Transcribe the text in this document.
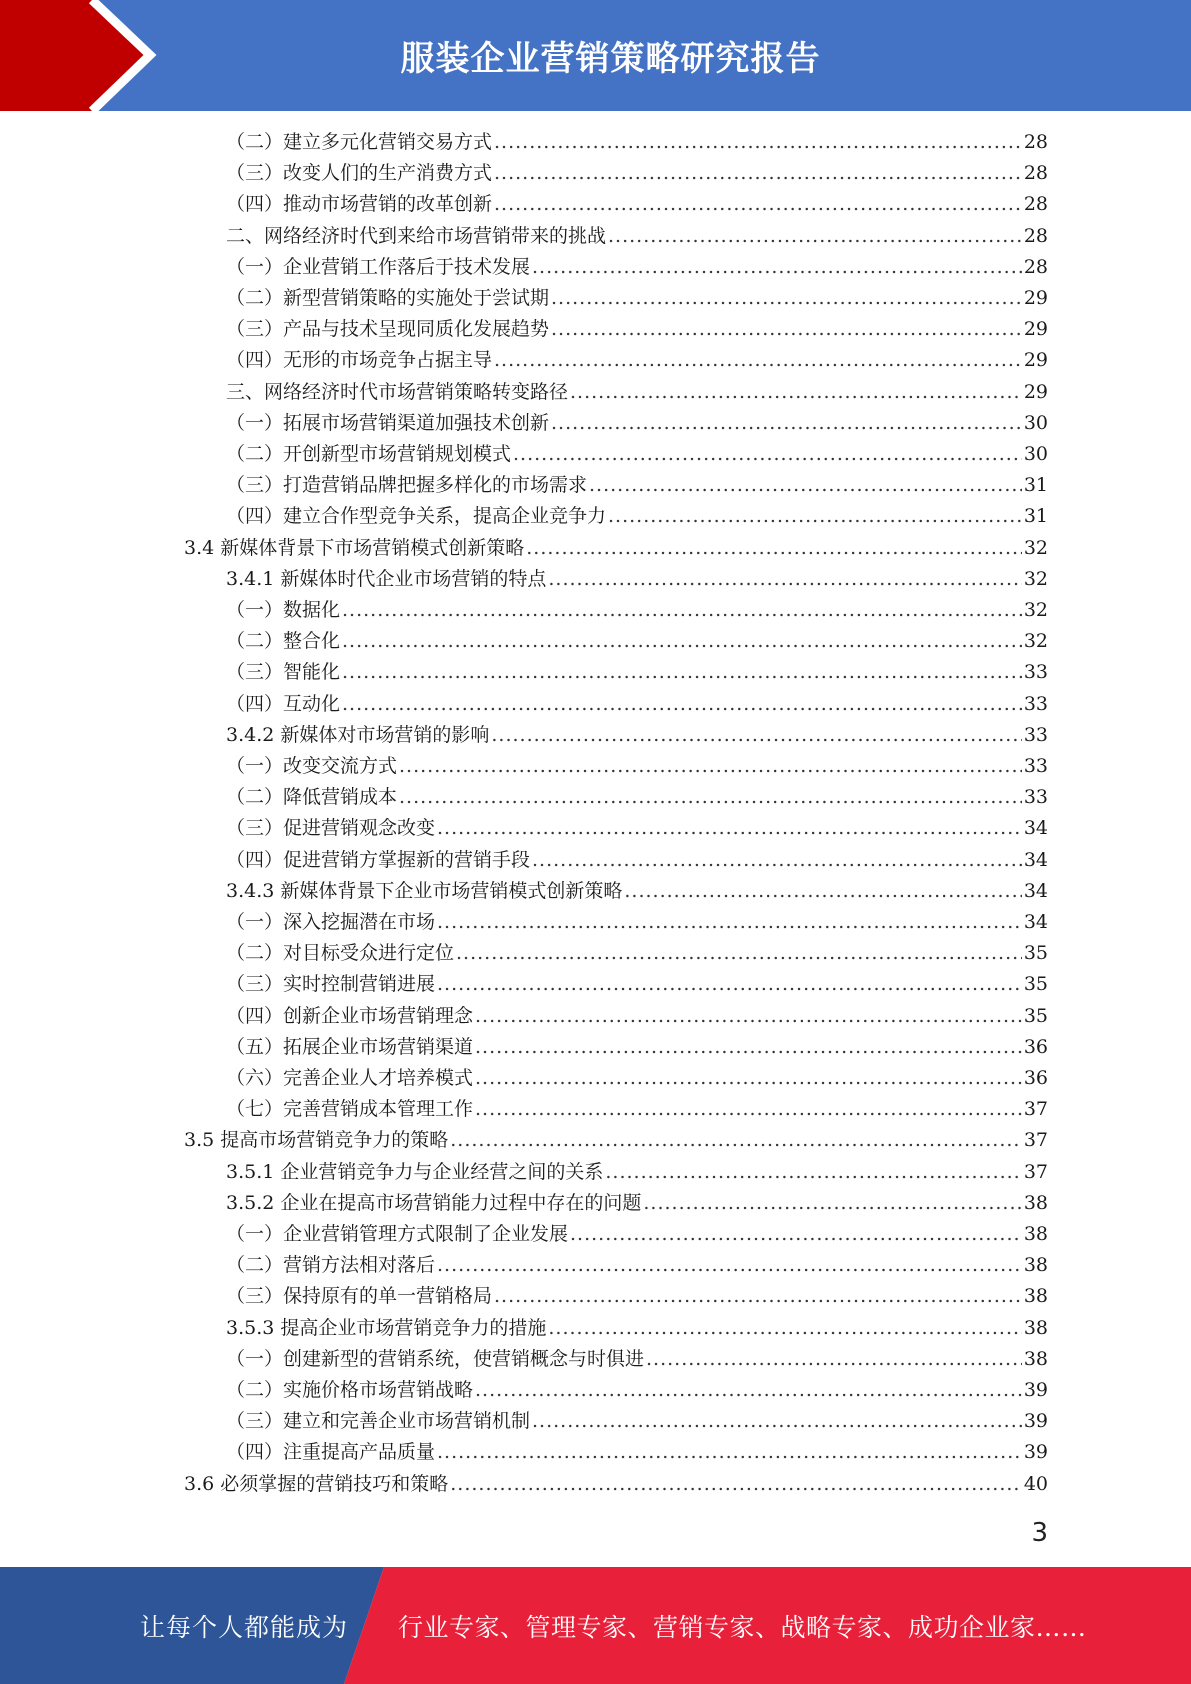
服装企业营销策略研究报告
（二）建立多元化营销交易方式 .....	28
（三）改变人们的生产消费方式 .....	28
（四）推动市场营销的改革创新 .....	28
二、网络经济时代到来给市场营销带来的挑战 .....	28
（一）企业营销工作落后于技术发展 .....	28
（二）新型营销策略的实施处于尝试期 .....	29
（三）产品与技术呈现同质化发展趋势 .....	29
（四）无形的市场竞争占据主导 .....	29
三、网络经济时代市场营销策略转变路径 .....	29
（一）拓展市场营销渠道加强技术创新 .....	30
（二）开创新型市场营销规划模式 .....	30
（三）打造营销品牌把握多样化的市场需求 .....	31
（四）建立合作型竞争关系，提高企业竞争力 .....	31
3.4 新媒体背景下市场营销模式创新策略 .....	32
3.4.1 新媒体时代企业市场营销的特点 .....	32
（一）数据化 .....	32
（二）整合化 .....	32
（三）智能化 .....	33
（四）互动化 .....	33
3.4.2 新媒体对市场营销的影响 .....	33
（一）改变交流方式 .....	33
（二）降低营销成本 .....	33
（三）促进营销观念改变 .....	34
（四）促进营销方掌握新的营销手段 .....	34
3.4.3 新媒体背景下企业市场营销模式创新策略 .....	34
（一）深入挖掘潜在市场 .....	34
（二）对目标受众进行定位 .....	35
（三）实时控制营销进展 .....	35
（四）创新企业市场营销理念 .....	35
（五）拓展企业市场营销渠道 .....	36
（六）完善企业人才培养模式 .....	36
（七）完善营销成本管理工作 .....	37
3.5 提高市场营销竞争力的策略 .....	37
3.5.1 企业营销竞争力与企业经营之间的关系 .....	37
3.5.2 企业在提高市场营销能力过程中存在的问题 .....	38
（一）企业营销管理方式限制了企业发展 .....	38
（二）营销方法相对落后 .....	38
（三）保持原有的单一营销格局 .....	38
3.5.3 提高企业市场营销竞争力的措施 .....	38
（一）创建新型的营销系统，使营销概念与时俱进 .....	38
（二）实施价格市场营销战略 .....	39
（三）建立和完善企业市场营销机制 .....	39
（四）注重提高产品质量 .....	39
3.6 必须掌握的营销技巧和策略 .....	40
3
让每个人都能成为 行业专家、管理专家、营销专家、战略专家、成功企业家……
